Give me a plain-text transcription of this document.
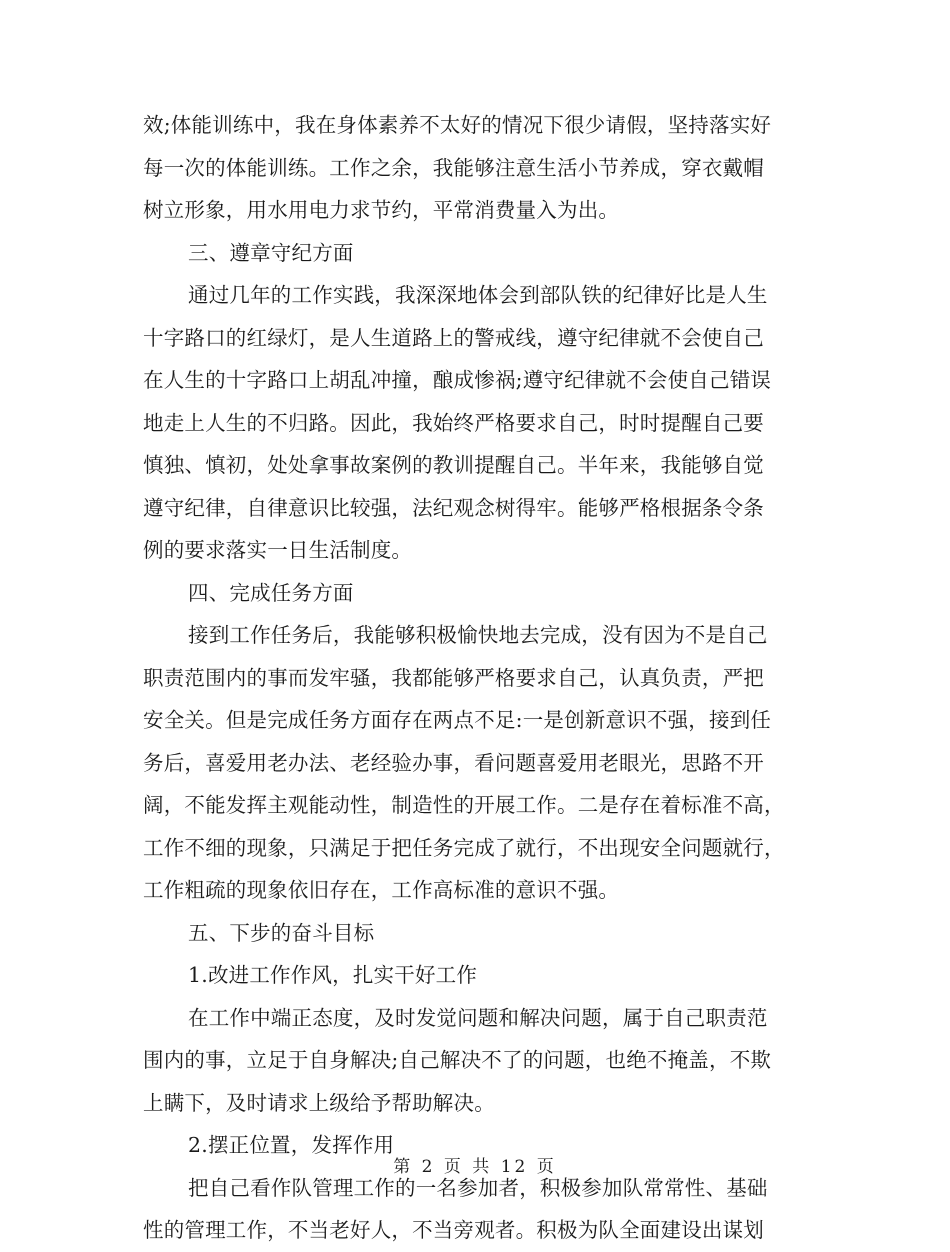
效;体能训练中，我在身体素养不太好的情况下很少请假，坚持落实好
每一次的体能训练。工作之余，我能够注意生活小节养成，穿衣戴帽
树立形象，用水用电力求节约，平常消费量入为出。
三、遵章守纪方面
通过几年的工作实践，我深深地体会到部队铁的纪律好比是人生
十字路口的红绿灯，是人生道路上的警戒线，遵守纪律就不会使自己
在人生的十字路口上胡乱冲撞，酿成惨祸;遵守纪律就不会使自己错误
地走上人生的不归路。因此，我始终严格要求自己，时时提醒自己要
慎独、慎初，处处拿事故案例的教训提醒自己。半年来，我能够自觉
遵守纪律，自律意识比较强，法纪观念树得牢。能够严格根据条令条
例的要求落实一日生活制度。
四、完成任务方面
接到工作任务后，我能够积极愉快地去完成，没有因为不是自己
职责范围内的事而发牢骚，我都能够严格要求自己，认真负责，严把
安全关。但是完成任务方面存在两点不足:一是创新意识不强，接到任
务后，喜爱用老办法、老经验办事，看问题喜爱用老眼光，思路不开
阔，不能发挥主观能动性，制造性的开展工作。二是存在着标准不高，
工作不细的现象，只满足于把任务完成了就行，不出现安全问题就行，
工作粗疏的现象依旧存在，工作高标准的意识不强。
五、下步的奋斗目标
1.改进工作作风，扎实干好工作
在工作中端正态度，及时发觉问题和解决问题，属于自己职责范
围内的事，立足于自身解决;自己解决不了的问题，也绝不掩盖，不欺
上瞒下，及时请求上级给予帮助解决。
2.摆正位置，发挥作用
把自己看作队管理工作的一名参加者，积极参加队常常性、基础
性的管理工作，不当老好人，不当旁观者。积极为队全面建设出谋划
第 2 页 共 12 页
